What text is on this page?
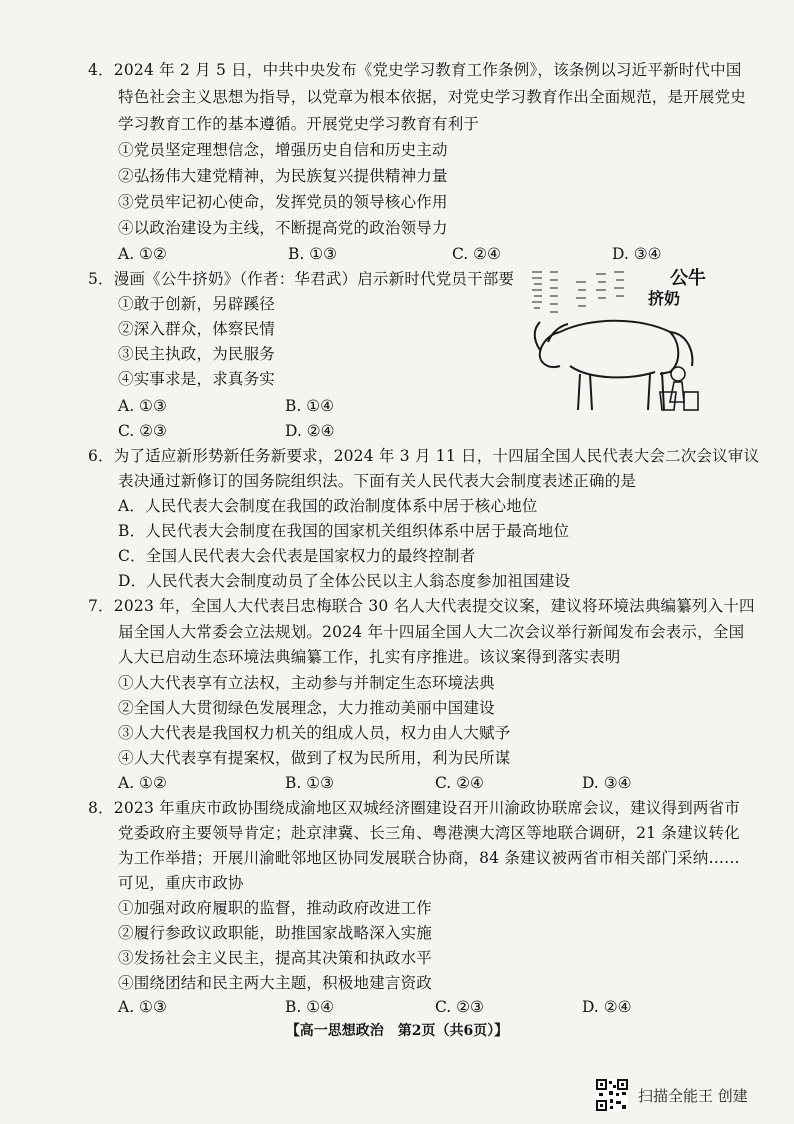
4．2024 年 2 月 5 日，中共中央发布《党史学习教育工作条例》，该条例以习近平新时代中国
特色社会主义思想为指导，以党章为根本依据，对党史学习教育作出全面规范，是开展党史
学习教育工作的基本遵循。开展党史学习教育有利于
①党员坚定理想信念，增强历史自信和历史主动
②弘扬伟大建党精神，为民族复兴提供精神力量
③党员牢记初心使命，发挥党员的领导核心作用
④以政治建设为主线，不断提高党的政治领导力
A. ①②	B. ①③	C. ②④	D. ③④
5．漫画《公牛挤奶》（作者：华君武）启示新时代党员干部要
①敢于创新，另辟蹊径
②深入群众，体察民情
③民主执政，为民服务
④实事求是，求真务实
A. ①③	B. ①④
C. ②③	D. ②④
公牛
挤奶
6．为了适应新形势新任务新要求，2024 年 3 月 11 日，十四届全国人民代表大会二次会议审议
表决通过新修订的国务院组织法。下面有关人民代表大会制度表述正确的是
A．人民代表大会制度在我国的政治制度体系中居于核心地位
B．人民代表大会制度在我国的国家机关组织体系中居于最高地位
C．全国人民代表大会代表是国家权力的最终控制者
D．人民代表大会制度动员了全体公民以主人翁态度参加祖国建设
7．2023 年，全国人大代表吕忠梅联合 30 名人大代表提交议案，建议将环境法典编纂列入十四
届全国人大常委会立法规划。2024 年十四届全国人大二次会议举行新闻发布会表示，全国
人大已启动生态环境法典编纂工作，扎实有序推进。该议案得到落实表明
①人大代表享有立法权，主动参与并制定生态环境法典
②全国人大贯彻绿色发展理念，大力推动美丽中国建设
③人大代表是我国权力机关的组成人员，权力由人大赋予
④人大代表享有提案权，做到了权为民所用，利为民所谋
A. ①②	B. ①③	C. ②④	D. ③④
8．2023 年重庆市政协围绕成渝地区双城经济圈建设召开川渝政协联席会议，建议得到两省市
党委政府主要领导肯定；赴京津冀、长三角、粤港澳大湾区等地联合调研，21 条建议转化
为工作举措；开展川渝毗邻地区协同发展联合协商，84 条建议被两省市相关部门采纳……
可见，重庆市政协
①加强对政府履职的监督，推动政府改进工作
②履行参政议政职能，助推国家战略深入实施
③发扬社会主义民主，提高其决策和执政水平
④围绕团结和民主两大主题，积极地建言资政
A. ①③	B. ①④	C. ②③	D. ②④
【高一思想政治　第2页（共6页）】
扫描全能王 创建
